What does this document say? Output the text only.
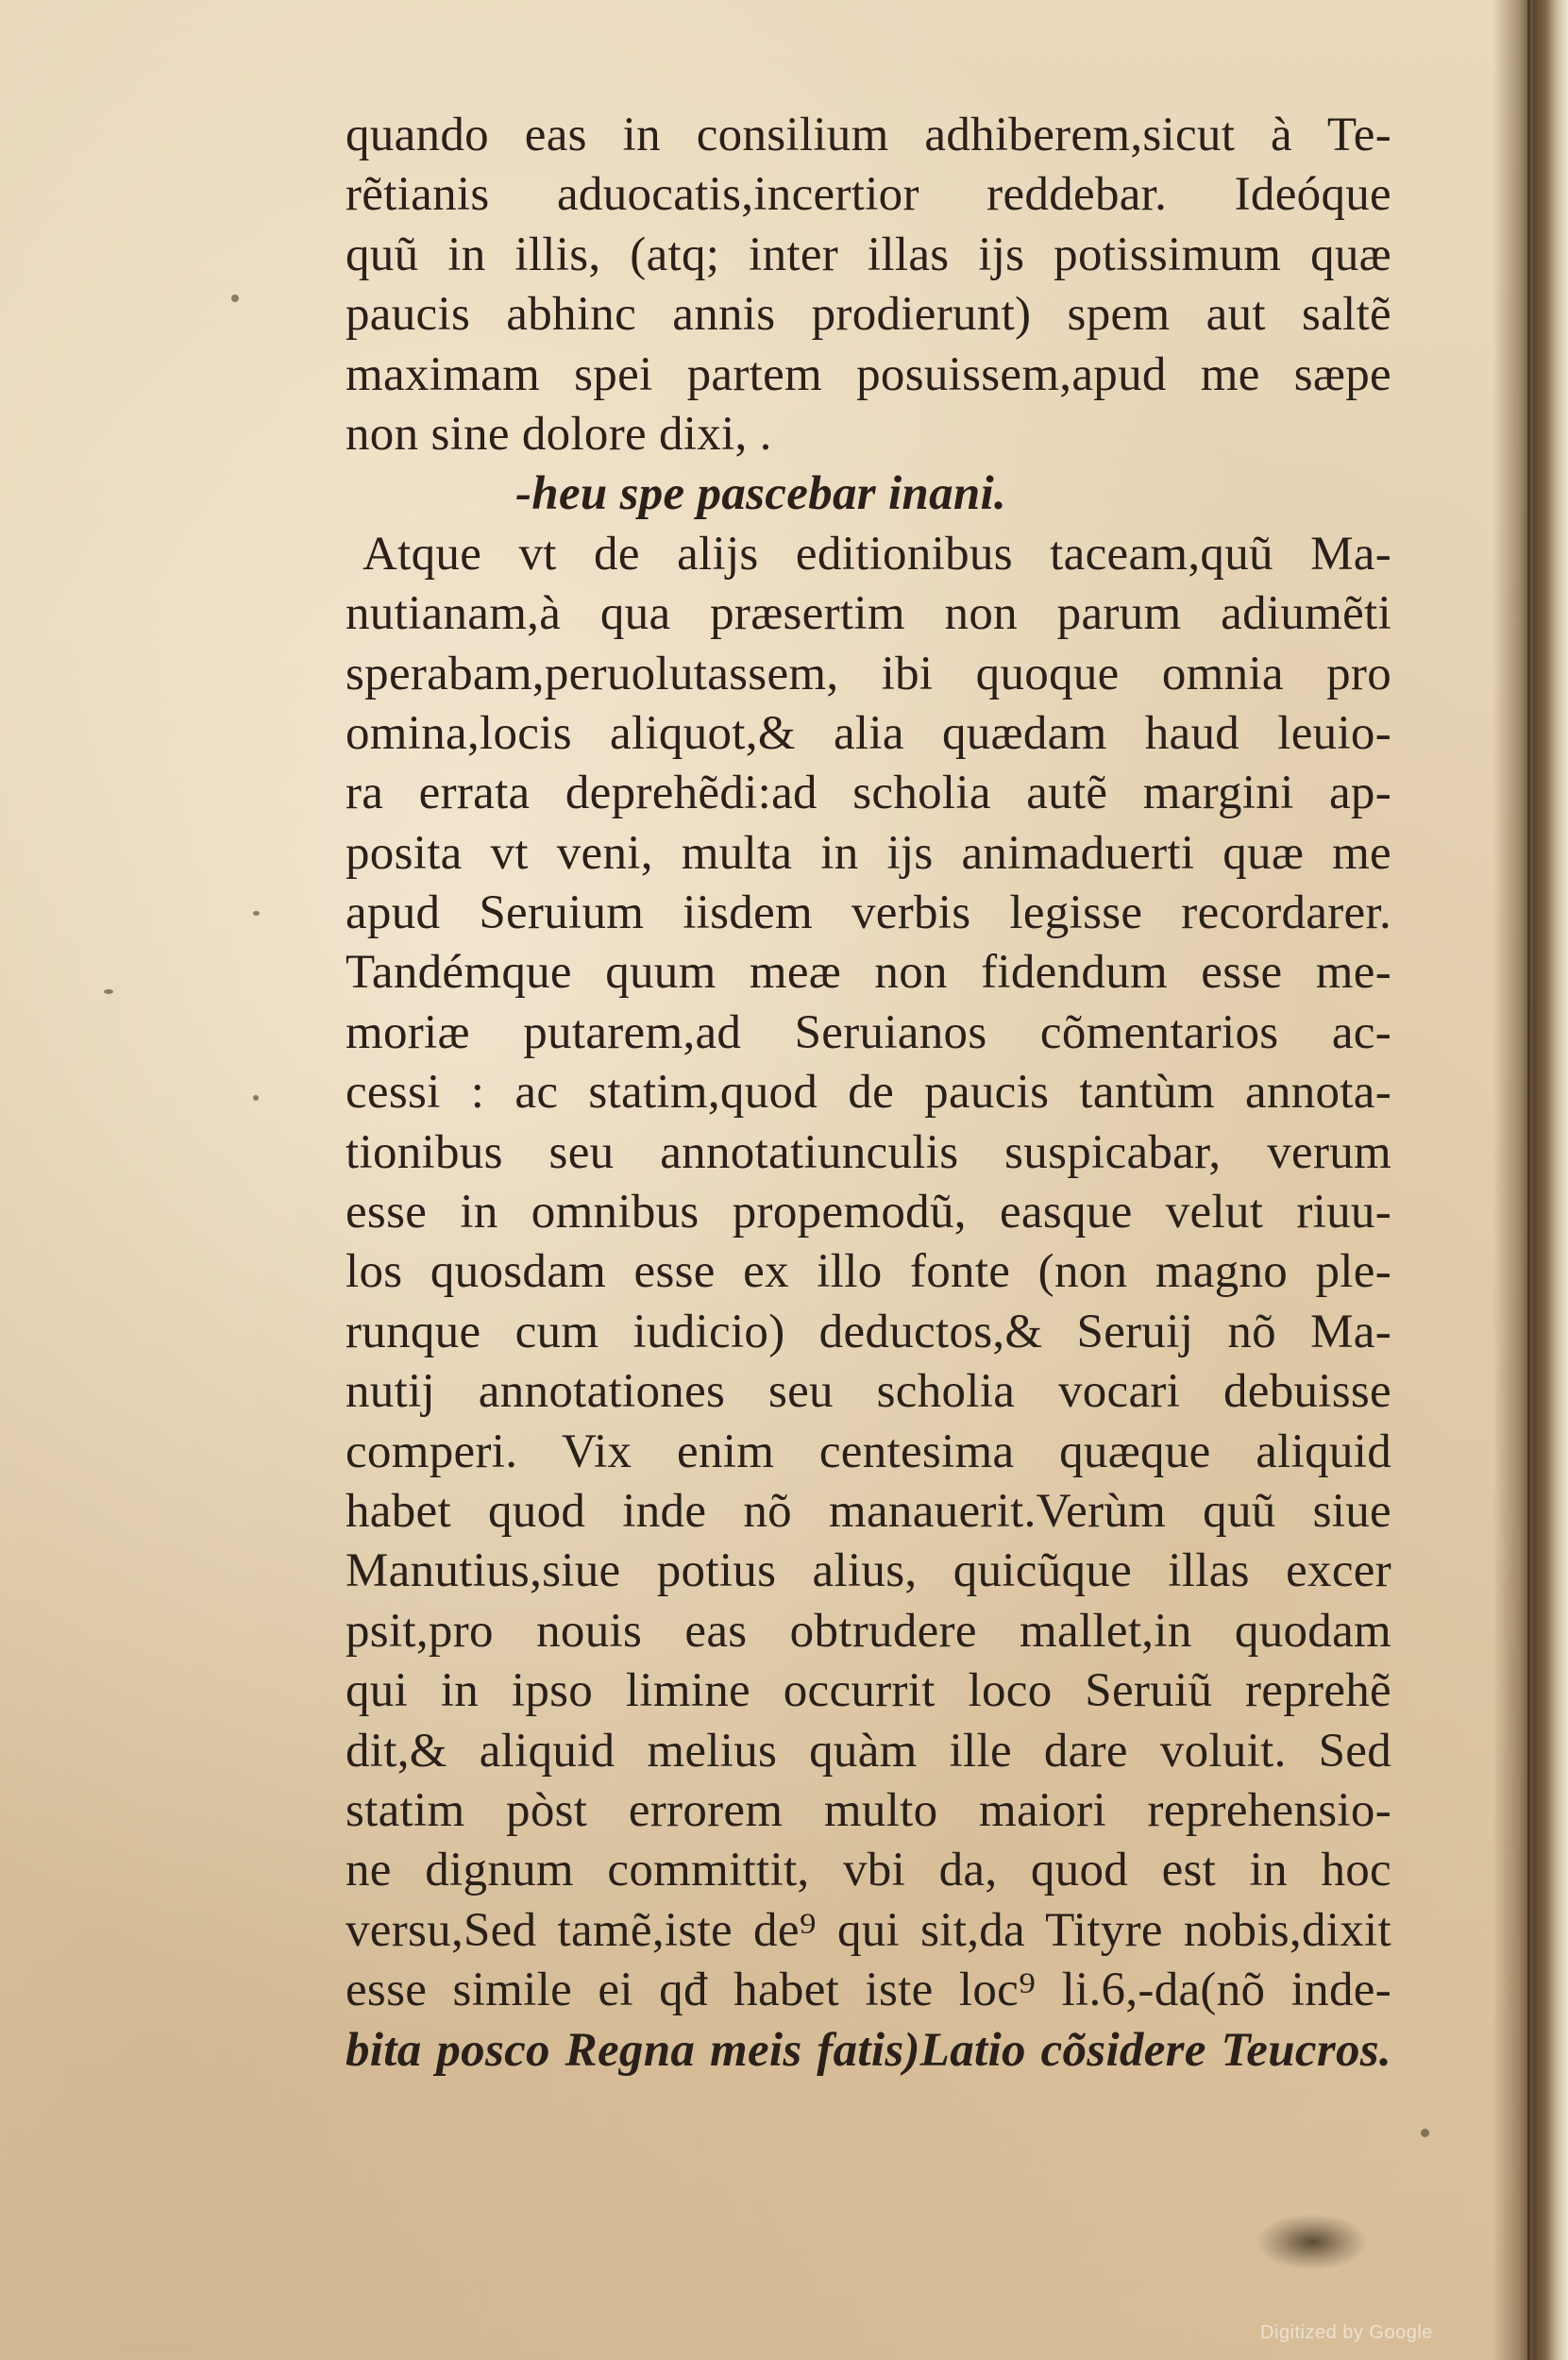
quando eas in consilium adhiberem,sicut à Te-
rẽtianis aduocatis,incertior reddebar. Ideóque
quũ in illis, (atq; inter illas ijs potissimum quæ
paucis abhinc annis prodierunt) spem aut saltẽ
maximam spei partem posuissem,apud me sæpe
non sine dolore dixi, .
-heu spe pascebar inani.
Atque vt de alijs editionibus taceam,quũ Ma-
nutianam,à qua præsertim non parum adiumẽti
sperabam,peruolutassem, ibi quoque omnia pro
omina,locis aliquot,& alia quædam haud leuio-
ra errata deprehẽdi:ad scholia autẽ margini ap-
posita vt veni, multa in ijs animaduerti quæ me
apud Seruium iisdem verbis legisse recordarer.
Tandémque quum meæ non fidendum esse me-
moriæ putarem,ad Seruianos cõmentarios ac-
cessi : ac statim,quod de paucis tantùm annota-
tionibus seu annotatiunculis suspicabar, verum
esse in omnibus propemodũ, easque velut riuu-
los quosdam esse ex illo fonte (non magno ple-
runque cum iudicio) deductos,& Seruij nõ Ma-
nutij annotationes seu scholia vocari debuisse
comperi. Vix enim centesima quæque aliquid
habet quod inde nõ manauerit.Verùm quũ siue
Manutius,siue potius alius, quicũque illas excer
psit,pro nouis eas obtrudere mallet,in quodam
qui in ipso limine occurrit loco Seruiũ reprehẽ
dit,& aliquid melius quàm ille dare voluit. Sed
statim pòst errorem multo maiori reprehensio-
ne dignum committit, vbi da, quod est in hoc
versu,Sed tamẽ,iste de⁹ qui sit,da Tityre nobis,dixit
esse simile ei qđ habet iste loc⁹ li.6,-da(nõ inde-
bita posco Regna meis fatis)Latio cõsidere Teucros.
Digitized by Google
